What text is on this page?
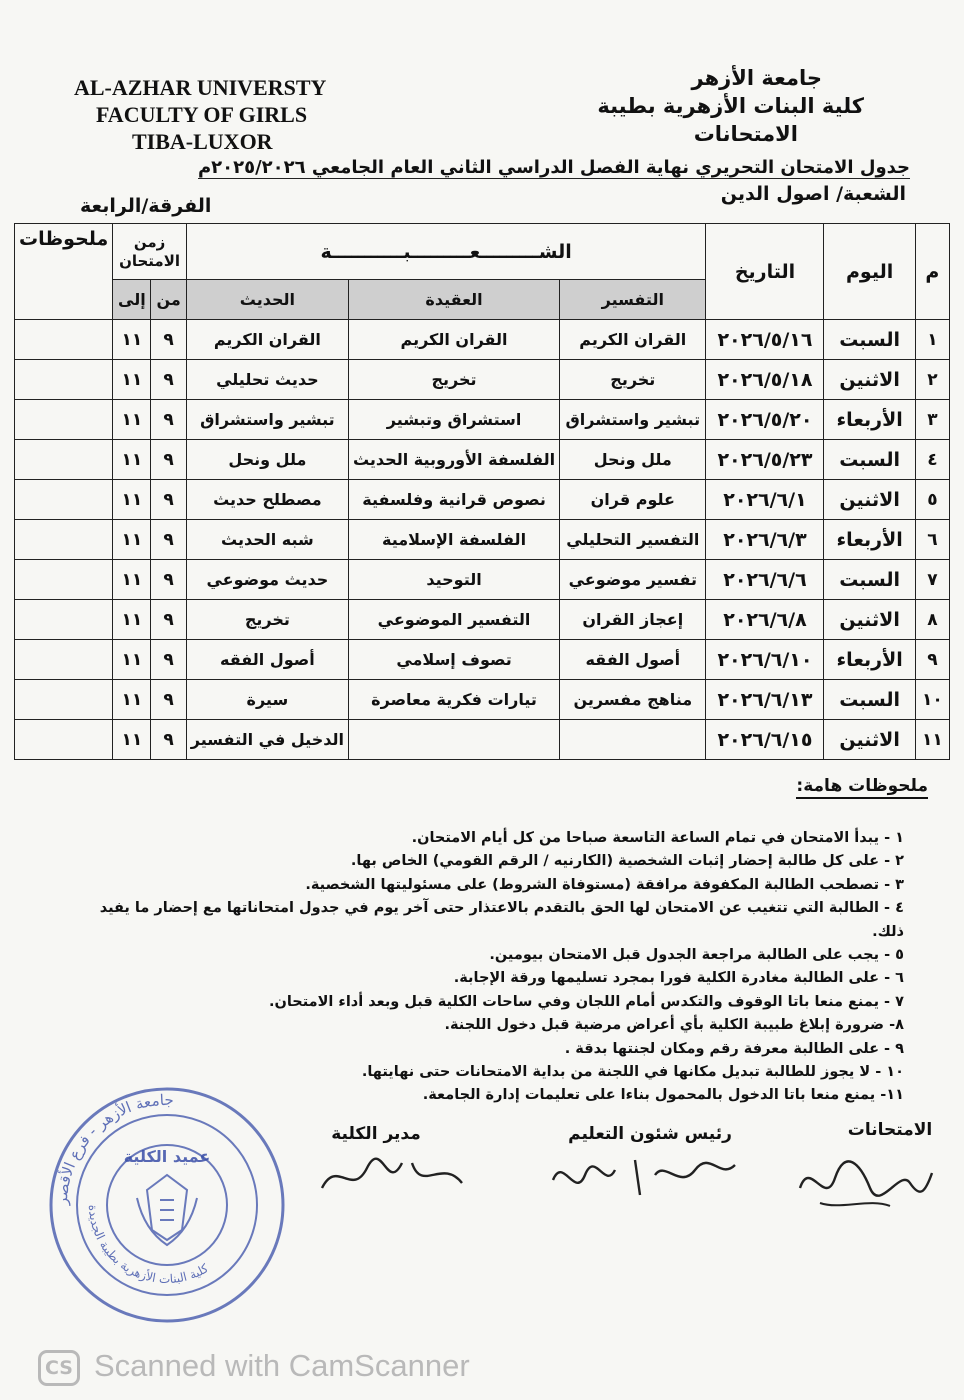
AL-AZHAR UNIVERSTY
FACULTY OF GIRLS
TIBA-LUXOR
جامعة الأزهر
كلية البنات الأزهرية بطيبة
الامتحانات
جدول الامتحان التحريري نهاية الفصل الدراسي الثاني العام الجامعي ٢٠٢٥/٢٠٢٦م
الشعبة/ اصول الدين
الفرقة/الرابعة
م	اليوم	التاريخ	الشـــــــــعـــــــــبـــــــــــة			زمن الامتحان		ملحوظات
			التفسير	العقيدة	الحديث	من	إلى	
١	السبت	٢٠٢٦/٥/١٦	القران الكريم	القران الكريم	القران الكريم	٩	١١	
٢	الاثنين	٢٠٢٦/٥/١٨	تخريج	تخريج	حديث تحليلي	٩	١١	
٣	الأربعاء	٢٠٢٦/٥/٢٠	تبشير واستشراق	استشراق وتبشير	تبشير واستشراق	٩	١١	
٤	السبت	٢٠٢٦/٥/٢٣	ملل ونحل	الفلسفة الأوروبية الحديث	ملل ونحل	٩	١١	
٥	الاثنين	٢٠٢٦/٦/١	علوم قران	نصوص قرانية وفلسفية	مصطلح حديث	٩	١١	
٦	الأربعاء	٢٠٢٦/٦/٣	التفسير التحليلي	الفلسفة الإسلامية	شبه الحديث	٩	١١	
٧	السبت	٢٠٢٦/٦/٦	تفسير موضوعي	التوحيد	حديث موضوعي	٩	١١	
٨	الاثنين	٢٠٢٦/٦/٨	إعجاز القران	التفسير الموضوعي	تخريج	٩	١١	
٩	الأربعاء	٢٠٢٦/٦/١٠	أصول الفقه	تصوف إسلامي	أصول الفقه	٩	١١	
١٠	السبت	٢٠٢٦/٦/١٣	مناهج مفسرين	تيارات فكرية معاصرة	سيرة	٩	١١	
١١	الاثنين	٢٠٢٦/٦/١٥			الدخيل في التفسير	٩	١١	
ملحوظات هامة:
١ - يبدأ الامتحان في تمام الساعة التاسعة صباحا من كل أيام الامتحان.
٢ - على كل طالبة إحضار إثبات الشخصية (الكارنيه / الرقم القومي) الخاص بها.
٣ - تصطحب الطالبة المكفوفة مرافقة (مستوفاة الشروط) على مسئوليتها الشخصية.
٤ - الطالبة التي تتغيب عن الامتحان لها الحق بالتقدم بالاعتذار حتى آخر يوم في جدول امتحاناتها مع إحضار ما يفيد ذلك.
٥ - يجب على الطالبة مراجعة الجدول قبل الامتحان بيومين.
٦ - على الطالبة مغادرة الكلية فورا بمجرد تسليمها ورقة الإجابة.
٧ - يمنع منعا باتا الوقوف والتكدس أمام اللجان وفي ساحات الكلية قبل وبعد أداء الامتحان.
٨- ضرورة إبلاغ طبيبة الكلية بأي أعراض مرضية قبل دخول اللجنة.
٩ - على الطالبة معرفة رقم ومكان لجنتها بدقة .
١٠ - لا يجوز للطالبة تبديل مكانها في اللجنة من بداية الامتحانات حتى نهايتها.
١١- يمنع منعا باتا الدخول بالمحمول بناءا على تعليمات إدارة الجامعة.
الامتحانات
رئيس شئون التعليم
مدير الكلية
جامعة الأزهر - فرع الأقصر
كلية البنات الأزهرية بطيبة الجديدة
عميد الكلية
CS Scanned with CamScanner
